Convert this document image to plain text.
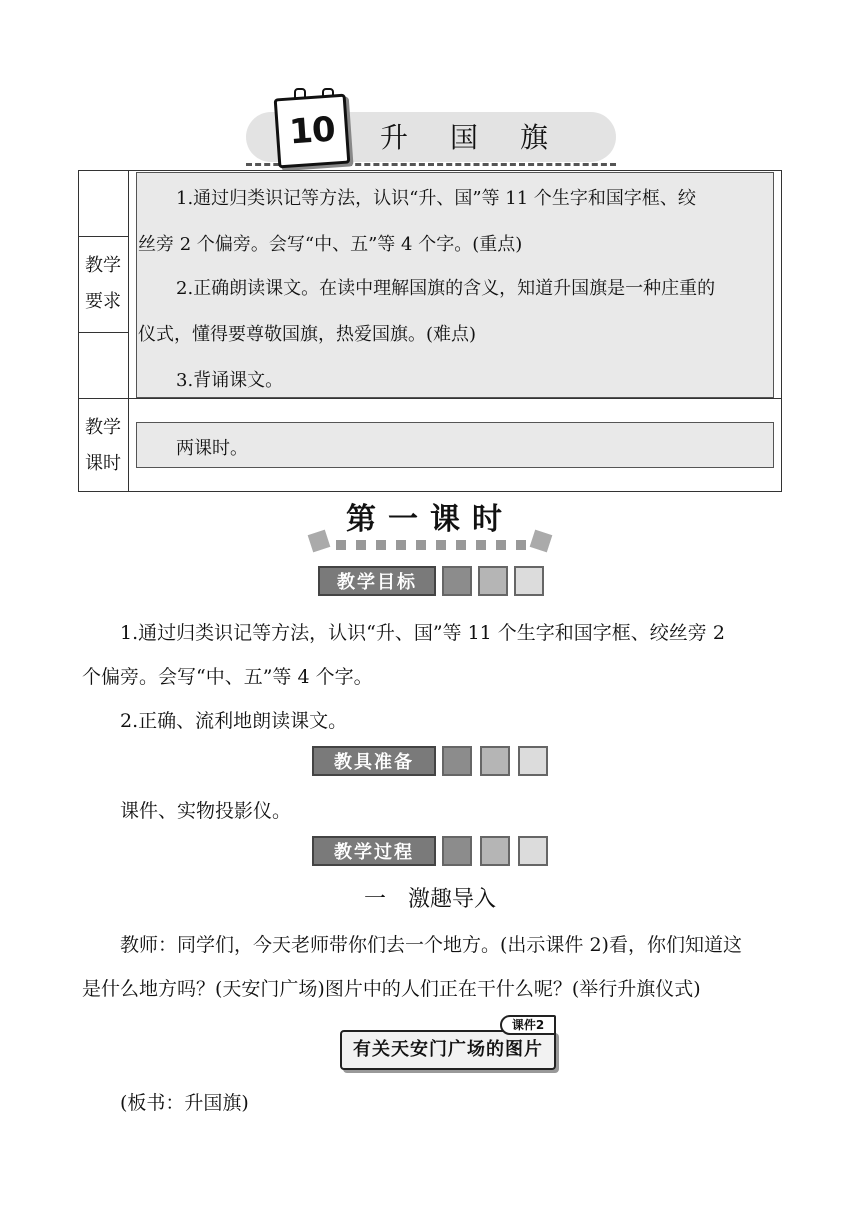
10 升国旗
教学要求
1.通过归类识记等方法，认识“升、国”等 11 个生字和国字框、绞
丝旁 2 个偏旁。会写“中、五”等 4 个字。(重点)
2.正确朗读课文。在读中理解国旗的含义，知道升国旗是一种庄重的
仪式，懂得要尊敬国旗，热爱国旗。(难点)
3.背诵课文。
教学课时
两课时。
第一课时
教学目标
1.通过归类识记等方法，认识“升、国”等 11 个生字和国字框、绞丝旁 2
个偏旁。会写“中、五”等 4 个字。
2.正确、流利地朗读课文。
教具准备
课件、实物投影仪。
教学过程
一　激趣导入
教师：同学们，今天老师带你们去一个地方。(出示课件 2)看，你们知道这
是什么地方吗？(天安门广场)图片中的人们正在干什么呢？(举行升旗仪式)
有关天安门广场的图片
课件2
(板书：升国旗)
